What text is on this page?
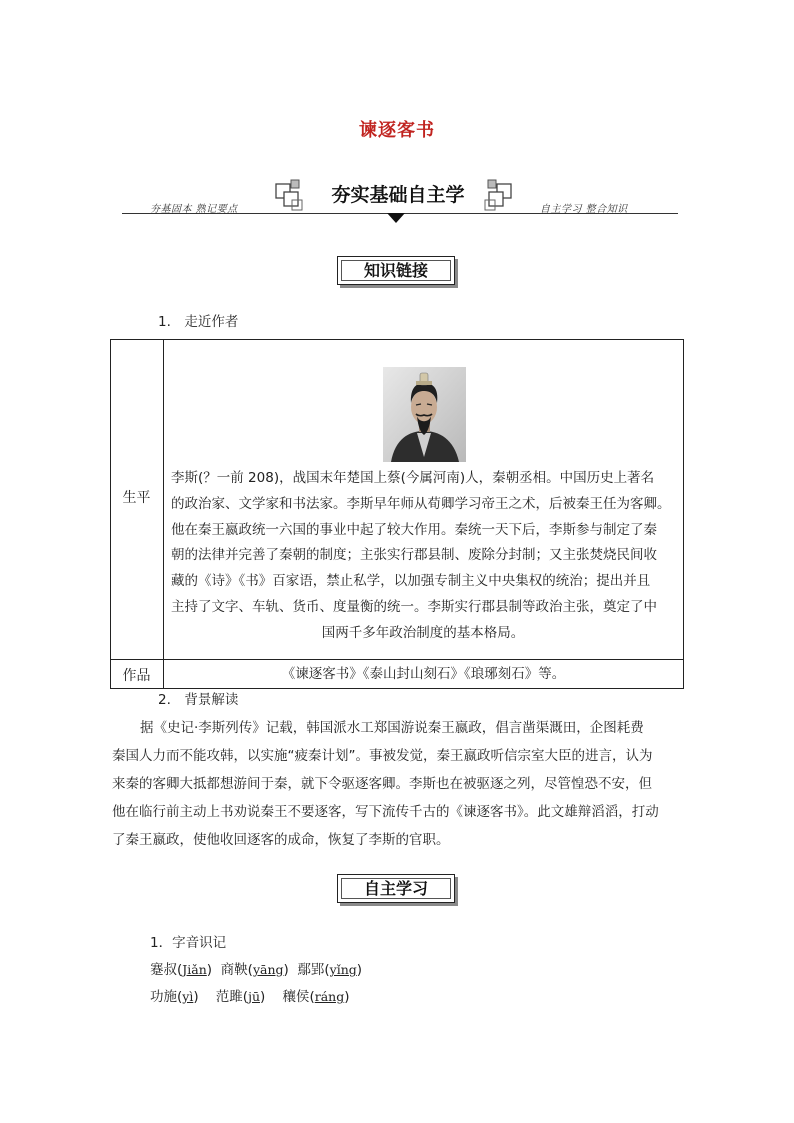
谏逐客书
夯基固本 熟记要点
夯实基础自主学
自主学习 整合知识
知识链接
1.　走近作者
生平
李斯(？一前 208)，战国末年楚国上蔡(今属河南)人，秦朝丞相。中国历史上著名
的政治家、文学家和书法家。李斯早年师从荀卿学习帝王之术，后被秦王任为客卿。
他在秦王嬴政统一六国的事业中起了较大作用。秦统一天下后，李斯参与制定了秦
朝的法律并完善了秦朝的制度；主张实行郡县制、废除分封制；又主张焚烧民间收
藏的《诗》《书》百家语，禁止私学，以加强专制主义中央集权的统治；提出并且
主持了文字、车轨、货币、度量衡的统一。李斯实行郡县制等政治主张，奠定了中
国两千多年政治制度的基本格局。
作品	《谏逐客书》《泰山封山刻石》《琅琊刻石》等。
2.　背景解读
据《史记·李斯列传》记载，韩国派水工郑国游说秦王嬴政，倡言凿渠溉田，企图耗费
秦国人力而不能攻韩，以实施“疲秦计划”。事被发觉，秦王嬴政听信宗室大臣的进言，认为
来秦的客卿大抵都想游间于秦，就下令驱逐客卿。李斯也在被驱逐之列，尽管惶恐不安，但
他在临行前主动上书劝说秦王不要逐客，写下流传千古的《谏逐客书》。此文雄辩滔滔，打动
了秦王嬴政，使他收回逐客的成命，恢复了李斯的官职。
自主学习
1．字音识记
蹇叔(Jiǎn)  商鞅(yāng)  鄢郢(yǐng)
功施(yì)    范雎(jū)    穰侯(ráng)
